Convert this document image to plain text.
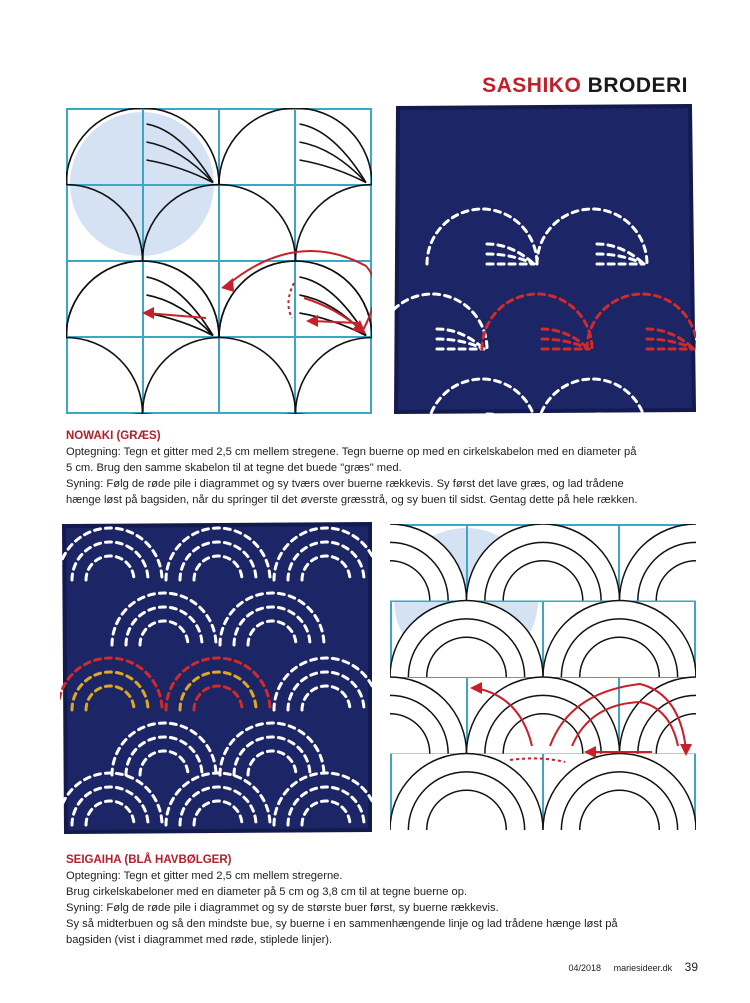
SASHIKO BRODERI
NOWAKI (GRÆS)

Optegning: Tegn et gitter med 2,5 cm mellem stregene. Tegn buerne op med en cirkelskabelon med en diameter på

5 cm. Brug den samme skabelon til at tegne det buede "græs" med.

Syning: Følg de røde pile i diagrammet og sy tværs over buerne rækkevis. Sy først det lave græs, og lad trådene

hænge løst på bagsiden, når du springer til det øverste græsstrå, og sy buen til sidst. Gentag dette på hele rækken.

SEIGAIHA (BLÅ HAVBØLGER)

Optegning: Tegn et gitter med 2,5 cm mellem stregerne.

Brug cirkelskabeloner med en diameter på 5 cm og 3,8 cm til at tegne buerne op.

Syning: Følg de røde pile i diagrammet og sy de største buer først, sy buerne rækkevis.

Sy så midterbuen og så den mindste bue, sy buerne i en sammenhængende linje og lad trådene hænge løst på

bagsiden (vist i diagrammet med røde, stiplede linjer).

04/2018 mariesideer.dk 39
